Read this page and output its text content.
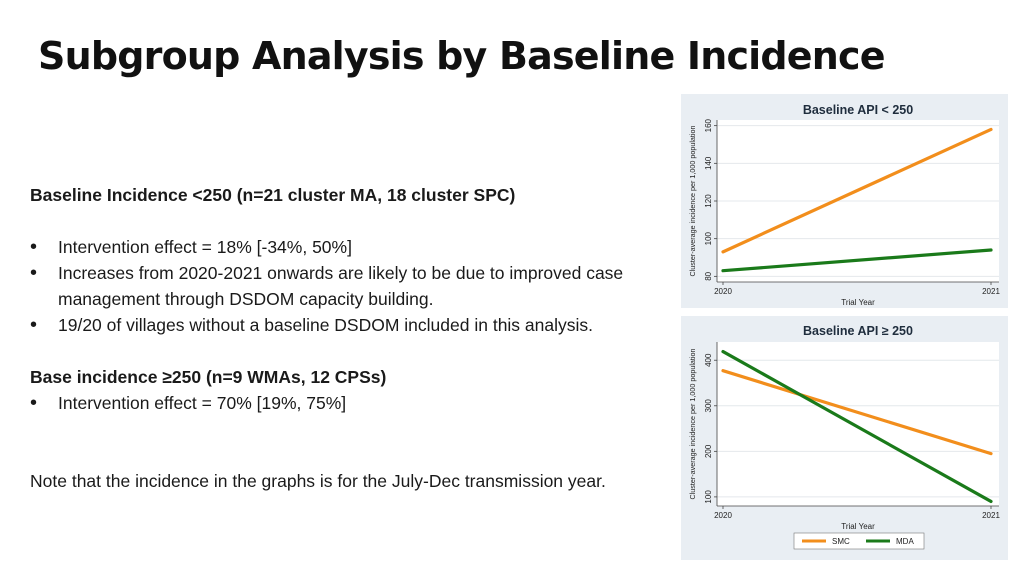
Subgroup Analysis by Baseline Incidence

Baseline Incidence <250 (n=21 cluster MA, 18 cluster SPC)

• Intervention effect = 18% [-34%, 50%]
• Increases from 2020-2021 onwards are likely to be due to improved case management through DSDOM capacity building.
• 19/20 of villages without a baseline DSDOM included in this analysis.

Base incidence ≥250 (n=9 WMAs, 12 CPSs)

• Intervention effect = 70% [19%, 75%]

Note that the incidence in the graphs is for the July-Dec transmission year.

Baseline API < 250
80
100
120
140
160
2020	2021
Trial Year
Cluster-average incidence per 1,000 population
Baseline API ≥ 250
100
200
300
400
2020	2021
Trial Year
Cluster-average incidence per 1,000 population
SMC	MDA
